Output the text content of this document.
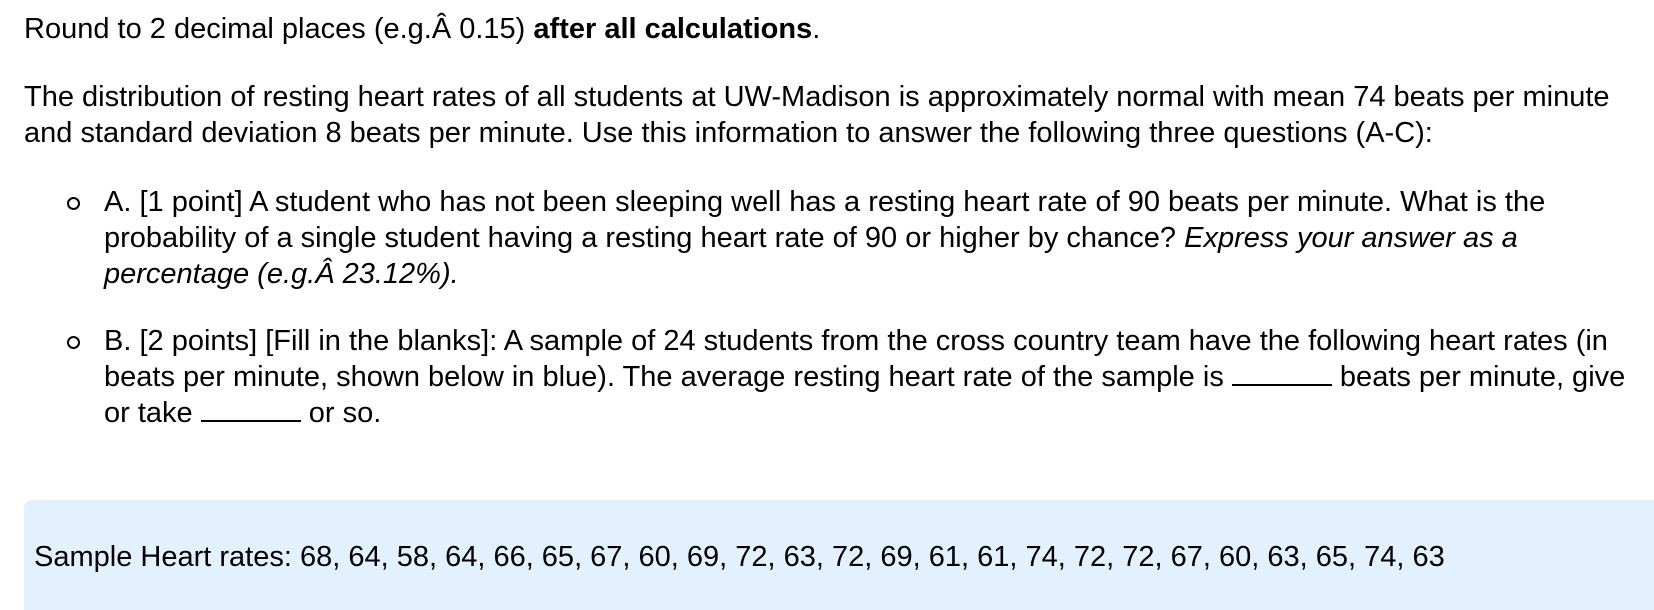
Round to 2 decimal places (e.g.Â 0.15) after all calculations.

The distribution of resting heart rates of all students at UW-Madison is approximately normal with mean 74 beats per minute and standard deviation 8 beats per minute. Use this information to answer the following three questions (A-C):

A. [1 point] A student who has not been sleeping well has a resting heart rate of 90 beats per minute. What is the probability of a single student having a resting heart rate of 90 or higher by chance? Express your answer as a percentage (e.g.Â 23.12%).

B. [2 points] [Fill in the blanks]: A sample of 24 students from the cross country team have the following heart rates (in beats per minute, shown below in blue). The average resting heart rate of the sample is	beats per minute, give or take	or so.

Sample Heart rates: 68, 64, 58, 64, 66, 65, 67, 60, 69, 72, 63, 72, 69, 61, 61, 74, 72, 72, 67, 60, 63, 65, 74, 63
